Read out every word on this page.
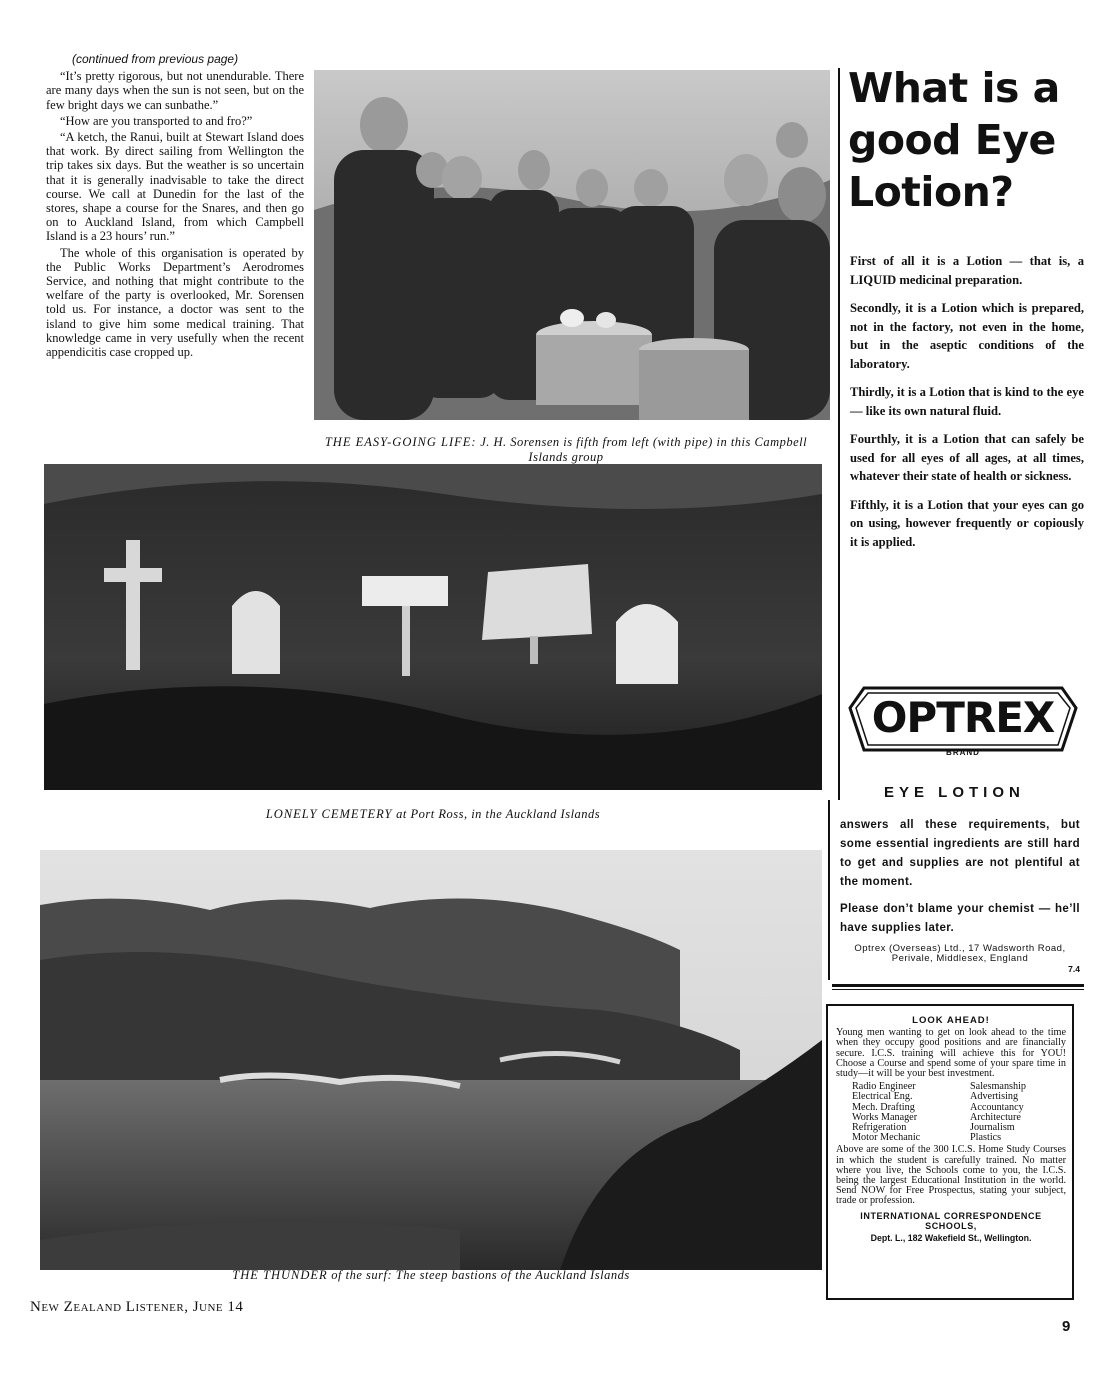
(continued from previous page)

“It’s pretty rigorous, but not unendurable. There are many days when the sun is not seen, but on the few bright days we can sunbathe.”

“How are you transported to and fro?”

“A ketch, the Ranui, built at Stewart Island does that work. By direct sailing from Wellington the trip takes six days. But the weather is so uncertain that it is generally inadvisable to take the direct course. We call at Dunedin for the last of the stores, shape a course for the Snares, and then go on to Auckland Island, from which Campbell Island is a 23 hours’ run.”

The whole of this organisation is operated by the Public Works Department’s Aerodromes Service, and nothing that might contribute to the welfare of the party is overlooked, Mr. Sorensen told us. For instance, a doctor was sent to the island to give him some medical training. That knowledge came in very usefully when the recent appendicitis case cropped up.

THE EASY-GOING LIFE: J. H. Sorensen is fifth from left (with pipe) in this Campbell Islands group
LONELY CEMETERY at Port Ross, in the Auckland Islands
THE THUNDER of the surf: The steep bastions of the Auckland Islands
New Zealand Listener, June 14
9
What is a good Eye Lotion?

First of all it is a Lotion — that is, a LIQUID medicinal preparation.

Secondly, it is a Lotion which is prepared, not in the factory, not even in the home, but in the aseptic conditions of the laboratory.

Thirdly, it is a Lotion that is kind to the eye — like its own natural fluid.

Fourthly, it is a Lotion that can safely be used for all eyes of all ages, at all times, whatever their state of health or sickness.

Fifthly, it is a Lotion that your eyes can go on using, however frequently or copiously it is applied.

OPTREX
BRAND
EYE LOTION
answers all these requirements, but some essential ingredients are still hard to get and supplies are not plentiful at the moment.
Please don’t blame your chemist — he’ll have supplies later.
Optrex (Overseas) Ltd., 17 Wadsworth Road, Perivale, Middlesex, England
7.4
LOOK AHEAD!
Young men wanting to get on look ahead to the time when they occupy good positions and are financially secure. I.C.S. training will achieve this for YOU! Choose a Course and spend some of your spare time in study—it will be your best investment.
Radio Engineer	Salesmanship
Electrical Eng.	Advertising
Mech. Drafting	Accountancy
Works Manager	Architecture
Refrigeration	Journalism
Motor Mechanic	Plastics
Above are some of the 300 I.C.S. Home Study Courses in which the student is carefully trained. No matter where you live, the Schools come to you, the I.C.S. being the largest Educational Institution in the world. Send NOW for Free Prospectus, stating your subject, trade or profession.
INTERNATIONAL CORRESPONDENCE
SCHOOLS,
Dept. L., 182 Wakefield St., Wellington.
